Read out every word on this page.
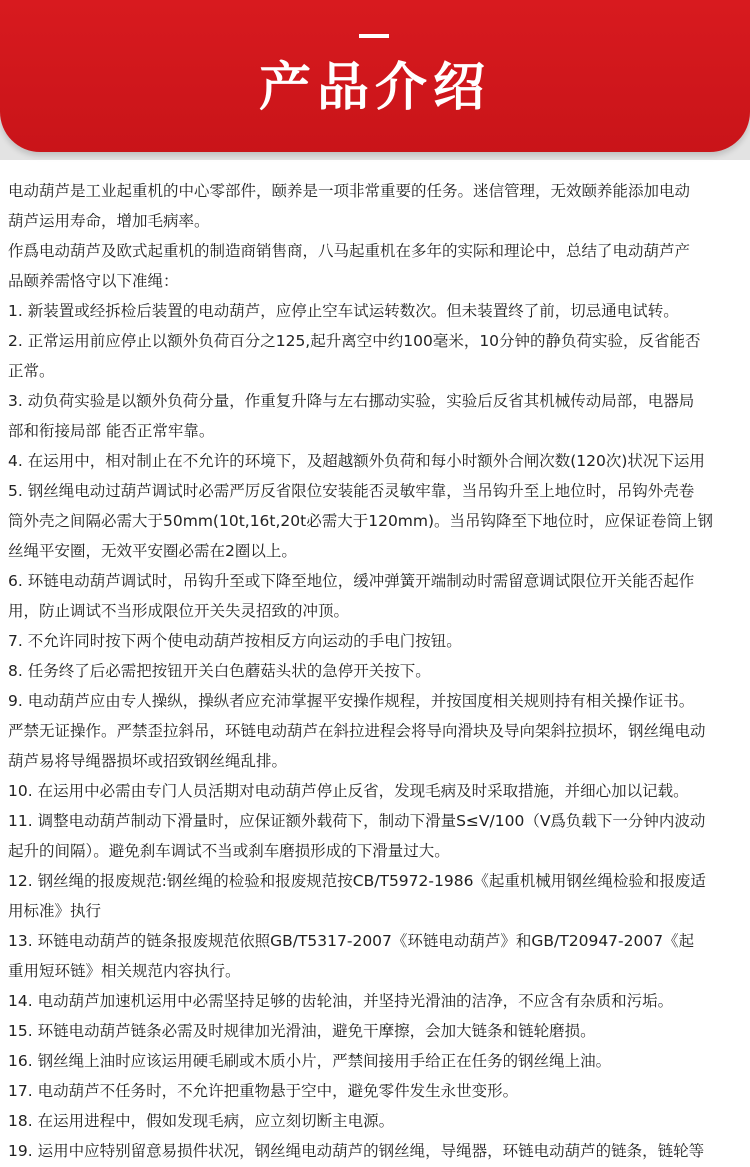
产品介绍

电动葫芦是工业起重机的中心零部件，颐养是一项非常重要的任务。迷信管理，无效颐养能添加电动

葫芦运用寿命，增加毛病率。

作爲电动葫芦及欧式起重机的制造商销售商，八马起重机在多年的实际和理论中，总结了电动葫芦产

品颐养需恪守以下准绳：

1. 新装置或经拆检后装置的电动葫芦，应停止空车试运转数次。但未装置终了前，切忌通电试转。

2. 正常运用前应停止以额外负荷百分之125,起升离空中约100毫米，10分钟的静负荷实验，反省能否

正常。

3. 动负荷实验是以额外负荷分量，作重复升降与左右挪动实验，实验后反省其机械传动局部，电器局

部和衔接局部 能否正常牢靠。

4. 在运用中，相对制止在不允许的环境下，及超越额外负荷和每小时额外合闸次数(120次)状况下运用

5. 钢丝绳电动过葫芦调试时必需严厉反省限位安装能否灵敏牢靠，当吊钩升至上地位时，吊钩外壳卷

筒外壳之间隔必需大于50mm(10t,16t,20t必需大于120mm)。当吊钩降至下地位时，应保证卷筒上钢

丝绳平安圈，无效平安圈必需在2圈以上。

6. 环链电动葫芦调试时，吊钩升至或下降至地位，缓冲弹簧开端制动时需留意调试限位开关能否起作

用，防止调试不当形成限位开关失灵招致的冲顶。

7. 不允许同时按下两个使电动葫芦按相反方向运动的手电门按钮。

8. 任务终了后必需把按钮开关白色蘑菇头状的急停开关按下。

9. 电动葫芦应由专人操纵，操纵者应充沛掌握平安操作规程，并按国度相关规则持有相关操作证书。

严禁无证操作。严禁歪拉斜吊，环链电动葫芦在斜拉进程会将导向滑块及导向架斜拉损坏，钢丝绳电动

葫芦易将导绳器损坏或招致钢丝绳乱排。

10. 在运用中必需由专门人员活期对电动葫芦停止反省，发现毛病及时采取措施，并细心加以记载。

11. 调整电动葫芦制动下滑量时，应保证额外载荷下，制动下滑量S≤V/100（V爲负载下一分钟内波动

起升的间隔）。避免刹车调试不当或刹车磨损形成的下滑量过大。

12. 钢丝绳的报废规范:钢丝绳的检验和报废规范按CB/T5972-1986《起重机械用钢丝绳检验和报废适

用标准》执行

13. 环链电动葫芦的链条报废规范依照GB/T5317-2007《环链电动葫芦》和GB/T20947-2007《起

重用短环链》相关规范内容执行。

14. 电动葫芦加速机运用中必需坚持足够的齿轮油，并坚持光滑油的洁净，不应含有杂质和污垢。

15. 环链电动葫芦链条必需及时规律加光滑油，避免干摩擦，会加大链条和链轮磨损。

16. 钢丝绳上油时应该运用硬毛刷或木质小片，严禁间接用手给正在任务的钢丝绳上油。

17. 电动葫芦不任务时，不允许把重物悬于空中，避免零件发生永世变形。

18. 在运用进程中，假如发现毛病，应立刻切断主电源。

19. 运用中应特别留意易损件状况，钢丝绳电动葫芦的钢丝绳，导绳器，环链电动葫芦的链条，链轮等
